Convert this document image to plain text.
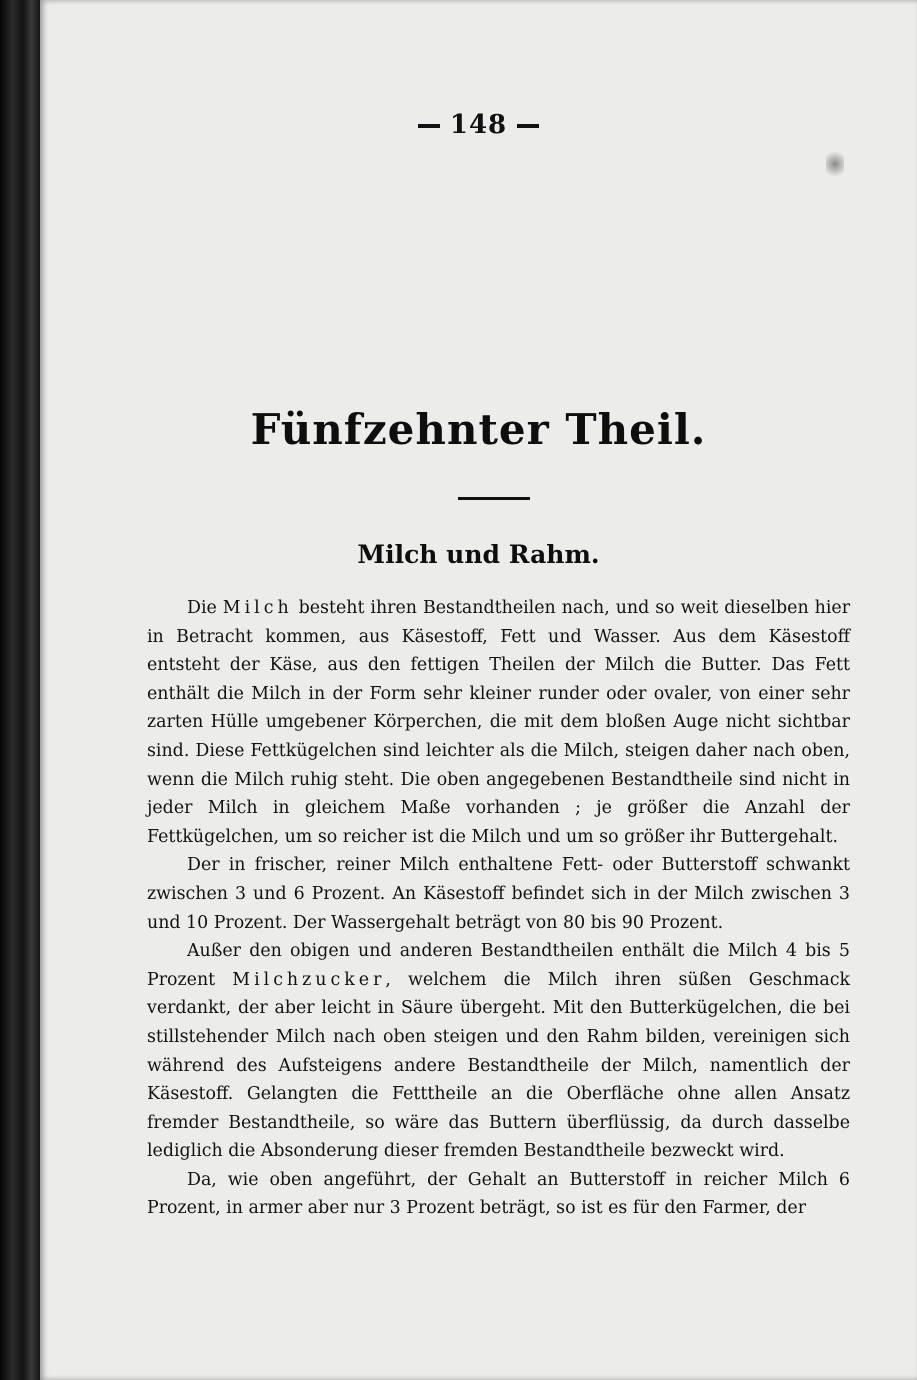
148
Fünfzehnter Theil.
Milch und Rahm.

Die Milch besteht ihren Bestandtheilen nach, und so weit dieselben hier in Betracht kommen, aus Käsestoff, Fett und Wasser. Aus dem Käsestoff entsteht der Käse, aus den fettigen Theilen der Milch die Butter. Das Fett enthält die Milch in der Form sehr kleiner runder oder ovaler, von einer sehr zarten Hülle umgebener Körperchen, die mit dem bloßen Auge nicht sichtbar sind. Diese Fettkügelchen sind leichter als die Milch, steigen daher nach oben, wenn die Milch ruhig steht. Die oben angegebenen Bestandtheile sind nicht in jeder Milch in gleichem Maße vorhanden ; je größer die Anzahl der Fettkügelchen, um so reicher ist die Milch und um so größer ihr Buttergehalt.

Der in frischer, reiner Milch enthaltene Fett- oder Butterstoff schwankt zwischen 3 und 6 Prozent. An Käsestoff befindet sich in der Milch zwischen 3 und 10 Prozent. Der Wassergehalt beträgt von 80 bis 90 Prozent.

Außer den obigen und anderen Bestandtheilen enthält die Milch 4 bis 5 Prozent Milchzucker, welchem die Milch ihren süßen Geschmack verdankt, der aber leicht in Säure übergeht. Mit den Butterkügelchen, die bei stillstehender Milch nach oben steigen und den Rahm bilden, vereinigen sich während des Aufsteigens andere Bestandtheile der Milch, namentlich der Käsestoff. Gelangten die Fetttheile an die Oberfläche ohne allen Ansatz fremder Bestandtheile, so wäre das Buttern überflüssig, da durch dasselbe lediglich die Absonderung dieser fremden Bestandtheile bezweckt wird.

Da, wie oben angeführt, der Gehalt an Butterstoff in reicher Milch 6 Prozent, in armer aber nur 3 Prozent beträgt, so ist es für den Farmer, der
